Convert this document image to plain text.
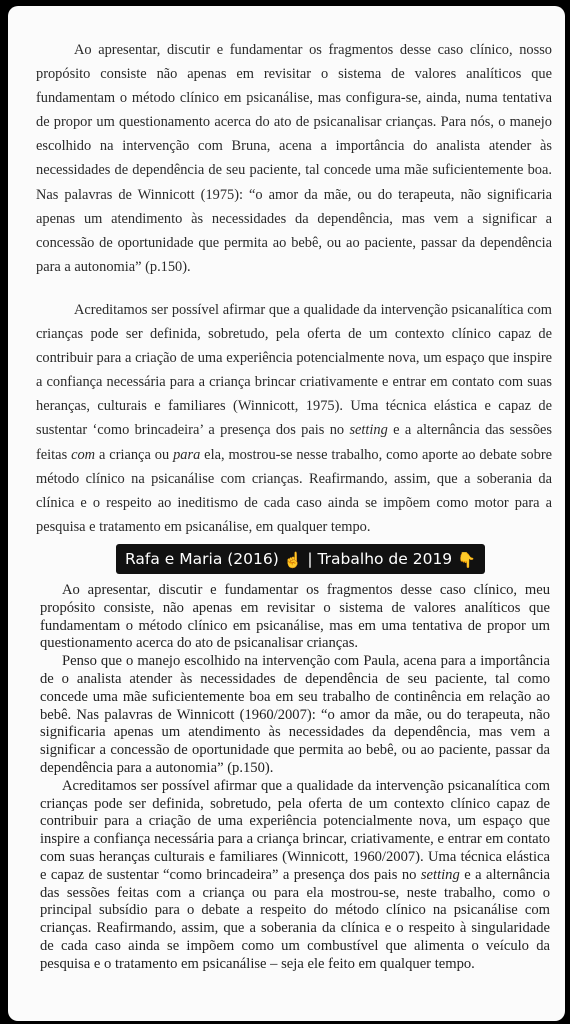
Ao apresentar, discutir e fundamentar os fragmentos desse caso clínico, nosso propósito consiste não apenas em revisitar o sistema de valores analíticos que fundamentam o método clínico em psicanálise, mas configura-se, ainda, numa tentativa de propor um questionamento acerca do ato de psicanalisar crianças. Para nós, o manejo escolhido na intervenção com Bruna, acena a importância do analista atender às necessidades de dependência de seu paciente, tal concede uma mãe suficientemente boa. Nas palavras de Winnicott (1975): “o amor da mãe, ou do terapeuta, não significaria apenas um atendimento às necessidades da dependência, mas vem a significar a concessão de oportunidade que permita ao bebê, ou ao paciente, passar da dependência para a autonomia” (p.150).

Acreditamos ser possível afirmar que a qualidade da intervenção psicanalítica com crianças pode ser definida, sobretudo, pela oferta de um contexto clínico capaz de contribuir para a criação de uma experiência potencialmente nova, um espaço que inspire a confiança necessária para a criança brincar criativamente e entrar em contato com suas heranças, culturais e familiares (Winnicott, 1975). Uma técnica elástica e capaz de sustentar ‘como brincadeira’ a presença dos pais no setting e a alternância das sessões feitas com a criança ou para ela, mostrou-se nesse trabalho, como aporte ao debate sobre método clínico na psicanálise com crianças. Reafirmando, assim, que a soberania da clínica e o respeito ao ineditismo de cada caso ainda se impõem como motor para a pesquisa e tratamento em psicanálise, em qualquer tempo.

Rafa e Maria (2016) ☝️ | Trabalho de 2019 👇

Ao apresentar, discutir e fundamentar os fragmentos desse caso clínico, meu propósito consiste, não apenas em revisitar o sistema de valores analíticos que fundamentam o método clínico em psicanálise, mas em uma tentativa de propor um questionamento acerca do ato de psicanalisar crianças.

Penso que o manejo escolhido na intervenção com Paula, acena para a importância de o analista atender às necessidades de dependência de seu paciente, tal como concede uma mãe suficientemente boa em seu trabalho de continência em relação ao bebê. Nas palavras de Winnicott (1960/2007): “o amor da mãe, ou do terapeuta, não significaria apenas um atendimento às necessidades da dependência, mas vem a significar a concessão de oportunidade que permita ao bebê, ou ao paciente, passar da dependência para a autonomia” (p.150).

Acreditamos ser possível afirmar que a qualidade da intervenção psicanalítica com crianças pode ser definida, sobretudo, pela oferta de um contexto clínico capaz de contribuir para a criação de uma experiência potencialmente nova, um espaço que inspire a confiança necessária para a criança brincar, criativamente, e entrar em contato com suas heranças culturais e familiares (Winnicott, 1960/2007). Uma técnica elástica e capaz de sustentar “como brincadeira” a presença dos pais no setting e a alternância das sessões feitas com a criança ou para ela mostrou-se, neste trabalho, como o principal subsídio para o debate a respeito do método clínico na psicanálise com crianças. Reafirmando, assim, que a soberania da clínica e o respeito à singularidade de cada caso ainda se impõem como um combustível que alimenta o veículo da pesquisa e o tratamento em psicanálise – seja ele feito em qualquer tempo.
